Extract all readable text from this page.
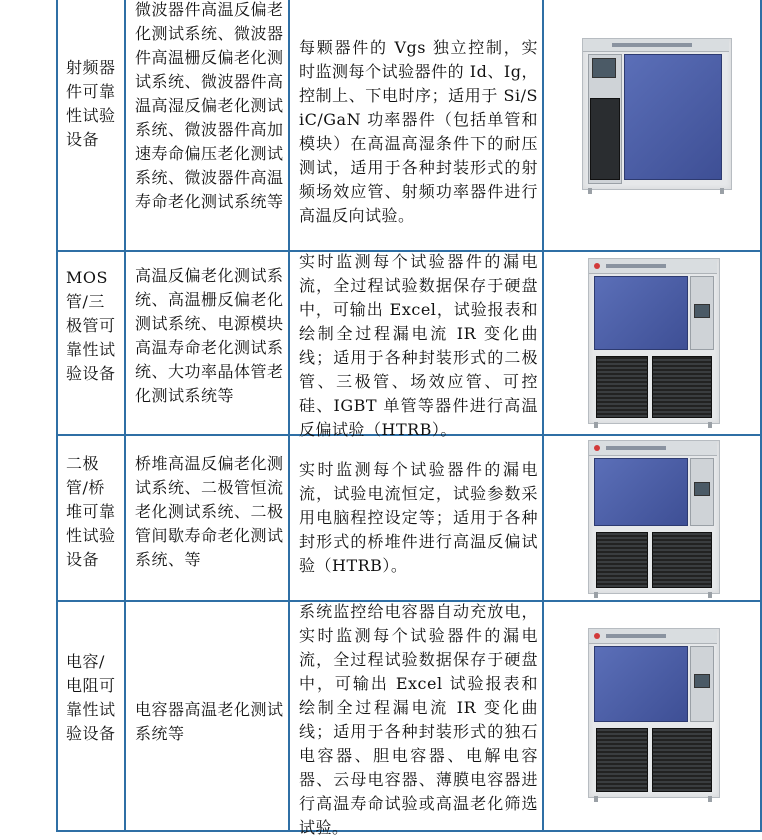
射频器件可靠性试验设备
微波器件高温反偏老化测试系统、微波器件高温栅反偏老化测试系统、微波器件高温高湿反偏老化测试系统、微波器件高加速寿命偏压老化测试系统、微波器件高温寿命老化测试系统等
每颗器件的 Vgs 独立控制，实时监测每个试验器件的 Id、Ig，控制上、下电时序；适用于 Si/SiC/GaN 功率器件（包括单管和模块）在高温高湿条件下的耐压测试，适用于各种封装形式的射频场效应管、射频功率器件进行高温反向试验。
MOS管/三极管可靠性试验设备
高温反偏老化测试系统、高温栅反偏老化测试系统、电源模块高温寿命老化测试系统、大功率晶体管老化测试系统等
实时监测每个试验器件的漏电流，全过程试验数据保存于硬盘中，可输出 Excel，试验报表和绘制全过程漏电流 IR 变化曲线；适用于各种封装形式的二极管、三极管、场效应管、可控硅、IGBT 单管等器件进行高温反偏试验（HTRB）。
二极管/桥堆可靠性试验设备
桥堆高温反偏老化测试系统、二极管恒流老化测试系统、二极管间歇寿命老化测试系统、等
实时监测每个试验器件的漏电流，试验电流恒定，试验参数采用电脑程控设定等；适用于各种封形式的桥堆件进行高温反偏试验（HTRB）。
电容/电阻可靠性试验设备
电容器高温老化测试系统等
系统监控给电容器自动充放电，实时监测每个试验器件的漏电流，全过程试验数据保存于硬盘中，可输出 Excel 试验报表和绘制全过程漏电流 IR 变化曲线；适用于各种封装形式的独石电容器、胆电容器、电解电容器、云母电容器、薄膜电容器进行高温寿命试验或高温老化筛选试验。
